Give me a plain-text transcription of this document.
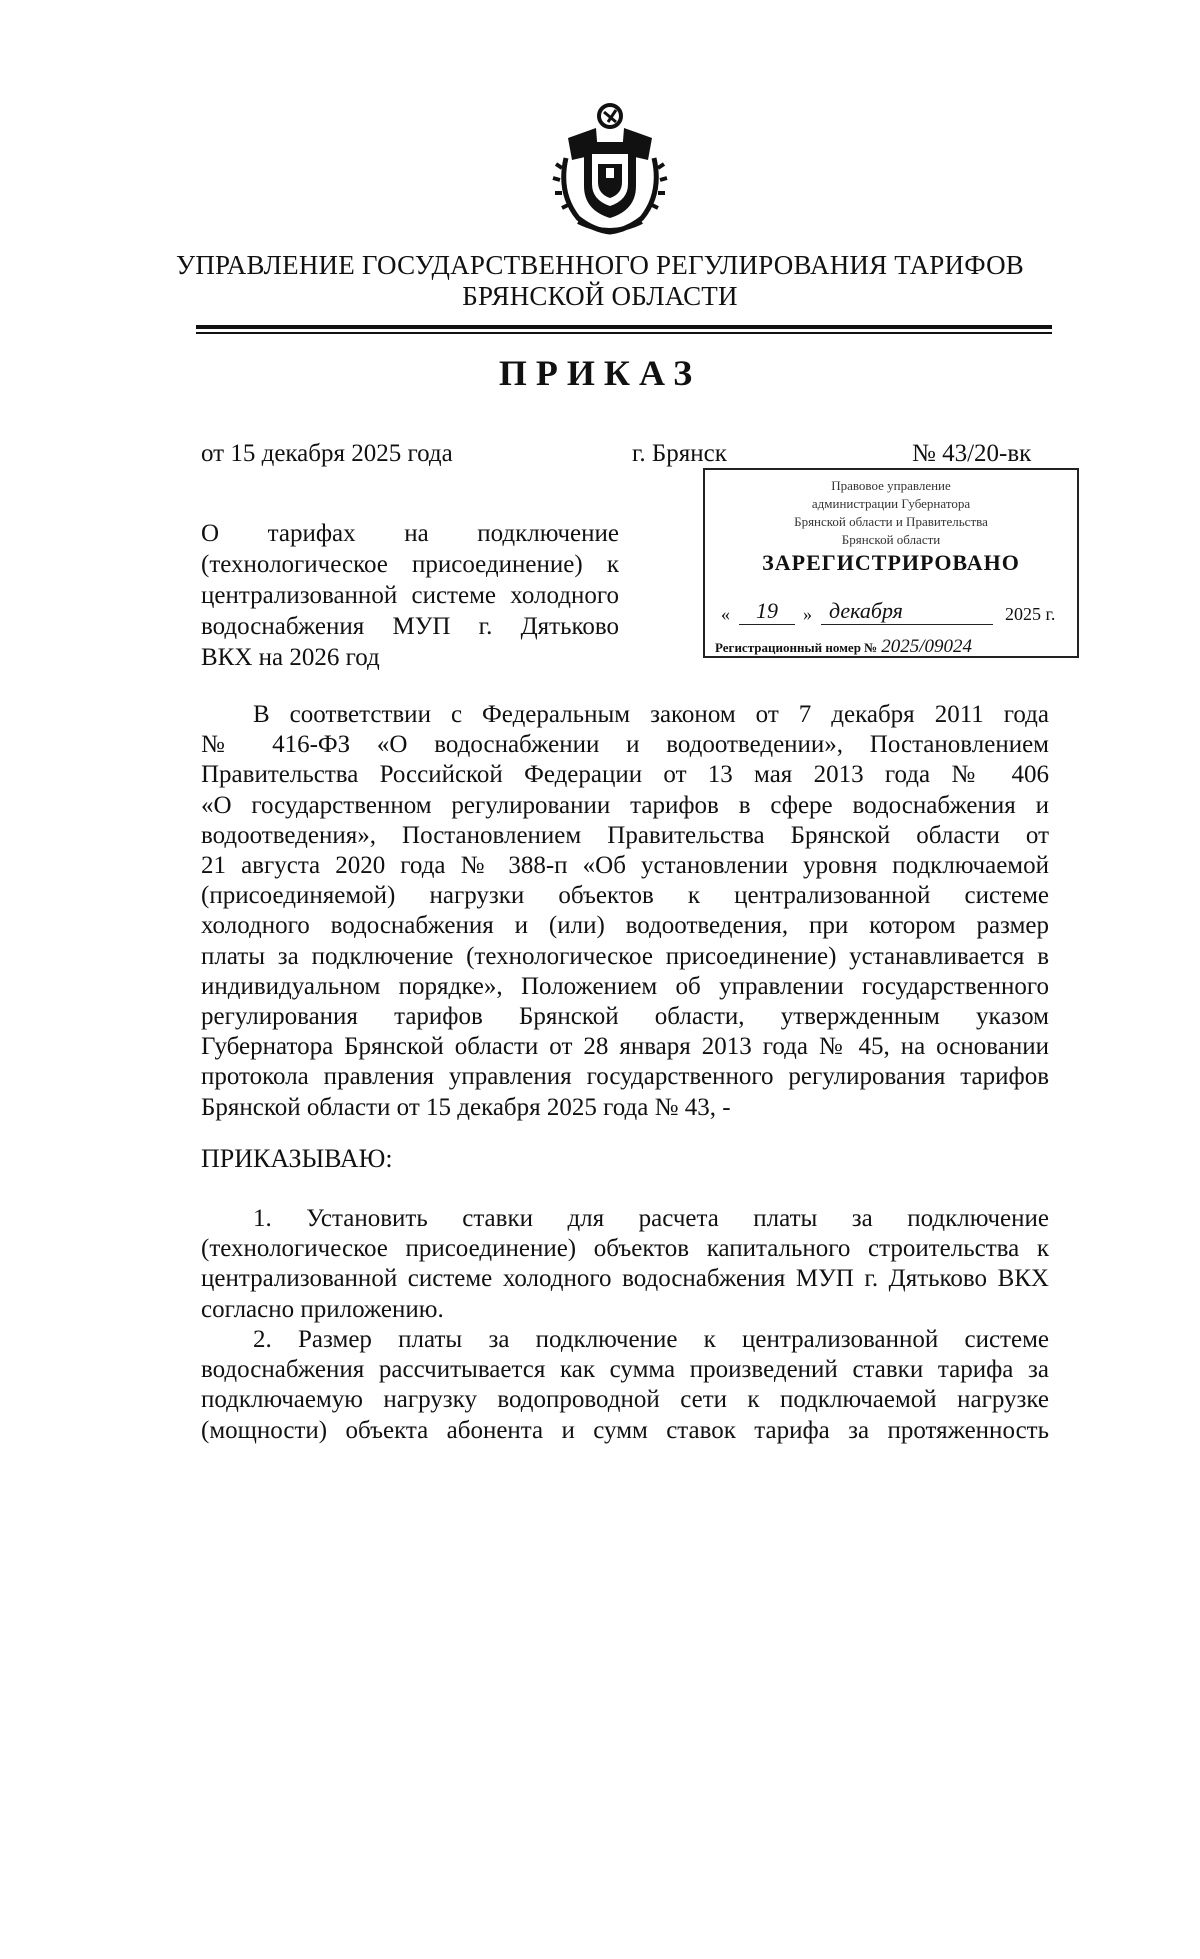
УПРАВЛЕНИЕ ГОСУДАРСТВЕННОГО РЕГУЛИРОВАНИЯ ТАРИФОВ
БРЯНСКОЙ ОБЛАСТИ
ПРИКАЗ
от 15 декабря 2025 года	г. Брянск	№ 43/20-вк
О тарифах на подключение
(технологическое присоединение) к
централизованной системе холодного
водоснабжения МУП г. Дятьково
ВКХ на 2026 год
Правовое управление
администрации Губернатора
Брянской области и Правительства
Брянской области
ЗАРЕГИСТРИРОВАНО
«	19	» декабря	2025 г.
Регистрационный номер № 2025/09024
В соответствии с Федеральным законом от 7 декабря 2011 года
№ 416-ФЗ «О водоснабжении и водоотведении», Постановлением
Правительства Российской Федерации от 13 мая 2013 года № 406
«О государственном регулировании тарифов в сфере водоснабжения и
водоотведения», Постановлением Правительства Брянской области от
21 августа 2020 года № 388-п «Об установлении уровня подключаемой
(присоединяемой) нагрузки объектов к централизованной системе
холодного водоснабжения и (или) водоотведения, при котором размер
платы за подключение (технологическое присоединение) устанавливается в
индивидуальном порядке», Положением об управлении государственного
регулирования тарифов Брянской области, утвержденным указом
Губернатора Брянской области от 28 января 2013 года № 45, на основании
протокола правления управления государственного регулирования тарифов
Брянской области от 15 декабря 2025 года № 43, -
ПРИКАЗЫВАЮ:
1. Установить ставки для расчета платы за подключение
(технологическое присоединение) объектов капитального строительства к
централизованной системе холодного водоснабжения МУП г. Дятьково ВКХ
согласно приложению.
2. Размер платы за подключение к централизованной системе
водоснабжения рассчитывается как сумма произведений ставки тарифа за
подключаемую нагрузку водопроводной сети к подключаемой нагрузке
(мощности) объекта абонента и сумм ставок тарифа за протяженность
